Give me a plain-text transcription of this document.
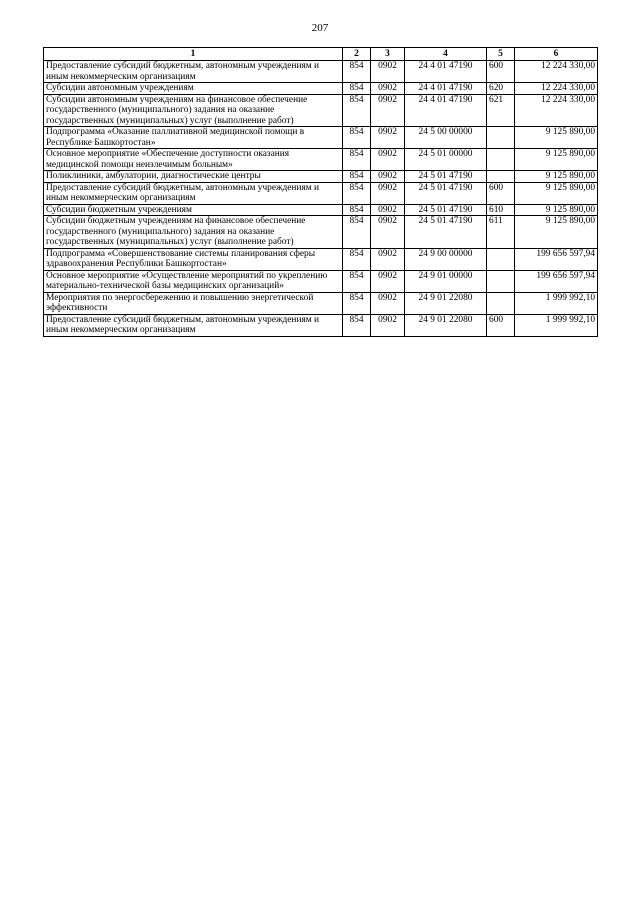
207
1	2	3	4	5	6
Предоставление субсидий бюджетным, автономным учреждениям и иным некоммерческим организациям	854	0902	24 4 01 47190	600	12 224 330,00
Субсидии автономным учреждениям	854	0902	24 4 01 47190	620	12 224 330,00
Субсидии автономным учреждениям на финансовое обеспечение государственного (муниципального) задания на оказание государственных (муниципальных) услуг (выполнение работ)	854	0902	24 4 01 47190	621	12 224 330,00
Подпрограмма «Оказание паллиативной медицинской помощи в Республике Башкортостан»	854	0902	24 5 00 00000		9 125 890,00
Основное мероприятие «Обеспечение доступности оказания медицинской помощи неизлечимым больным»	854	0902	24 5 01 00000		9 125 890,00
Поликлиники, амбулатории, диагностические центры	854	0902	24 5 01 47190		9 125 890,00
Предоставление субсидий бюджетным, автономным учреждениям и иным некоммерческим организациям	854	0902	24 5 01 47190	600	9 125 890,00
Субсидии бюджетным учреждениям	854	0902	24 5 01 47190	610	9 125 890,00
Субсидии бюджетным учреждениям на финансовое обеспечение государственного (муниципального) задания на оказание государственных (муниципальных) услуг (выполнение работ)	854	0902	24 5 01 47190	611	9 125 890,00
Подпрограмма «Совершенствование системы планирования сферы здравоохранения Республики Башкортостан»	854	0902	24 9 00 00000		199 656 597,94
Основное мероприятие «Осуществление мероприятий по укреплению материально-технической базы медицинских организаций»	854	0902	24 9 01 00000		199 656 597,94
Мероприятия по энергосбережению и повышению энергетической эффективности	854	0902	24 9 01 22080		1 999 992,10
Предоставление субсидий бюджетным, автономным учреждениям и иным некоммерческим организациям	854	0902	24 9 01 22080	600	1 999 992,10
